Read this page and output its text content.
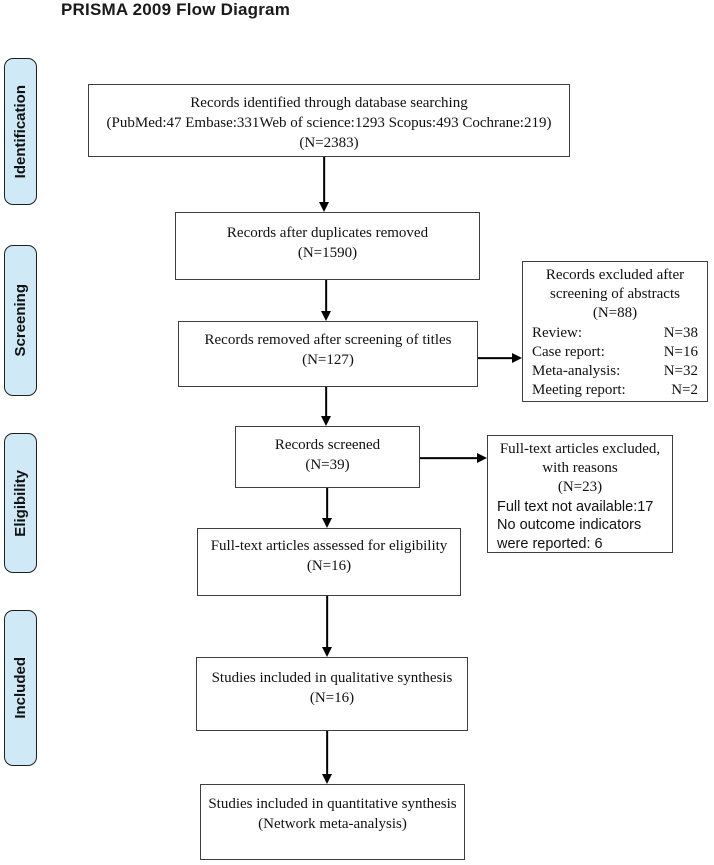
PRISMA 2009 Flow Diagram
Identification
Screening
Eligibility
Included
Records identified through database searching
(PubMed:47 Embase:331Web of science:1293 Scopus:493 Cochrane:219)
(N=2383)
Records after duplicates removed
(N=1590)
Records removed after screening of titles
(N=127)
Records screened
(N=39)
Full-text articles assessed for eligibility
(N=16)
Studies included in qualitative synthesis
(N=16)
Studies included in quantitative synthesis
(Network meta-analysis)
Records excluded after
screening of abstracts
(N=88)
Review:	N=38
Case report:	N=16
Meta-analysis:	N=32
Meeting report:	N=2
Full-text articles excluded,
with reasons
(N=23)
Full text not available:17
No outcome indicators
were reported: 6
